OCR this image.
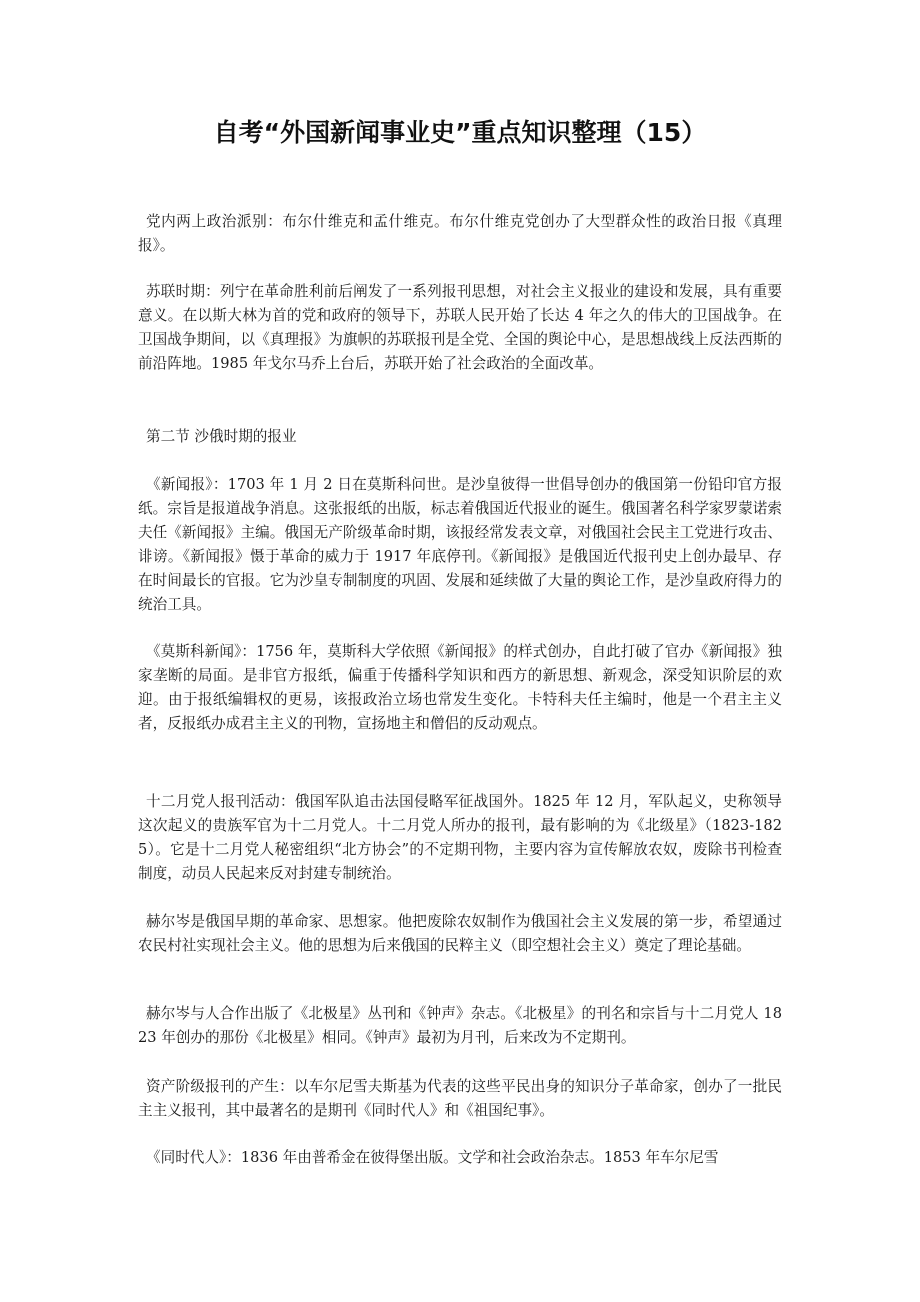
自考“外国新闻事业史”重点知识整理（15）

党内两上政治派别：布尔什维克和孟什维克。布尔什维克党创办了大型群众性的政治日报《真理报》。

苏联时期：列宁在革命胜利前后阐发了一系列报刊思想，对社会主义报业的建设和发展，具有重要意义。在以斯大林为首的党和政府的领导下，苏联人民开始了长达 4 年之久的伟大的卫国战争。在卫国战争期间，以《真理报》为旗帜的苏联报刊是全党、全国的舆论中心，是思想战线上反法西斯的前沿阵地。1985 年戈尔马乔上台后，苏联开始了社会政治的全面改革。

第二节 沙俄时期的报业

《新闻报》：1703 年 1 月 2 日在莫斯科问世。是沙皇彼得一世倡导创办的俄国第一份铅印官方报纸。宗旨是报道战争消息。这张报纸的出版，标志着俄国近代报业的诞生。俄国著名科学家罗蒙诺索夫任《新闻报》主编。俄国无产阶级革命时期，该报经常发表文章，对俄国社会民主工党进行攻击、诽谤。《新闻报》慑于革命的威力于 1917 年底停刊。《新闻报》是俄国近代报刊史上创办最早、存在时间最长的官报。它为沙皇专制制度的巩固、发展和延续做了大量的舆论工作，是沙皇政府得力的统治工具。

《莫斯科新闻》：1756 年，莫斯科大学依照《新闻报》的样式创办，自此打破了官办《新闻报》独家垄断的局面。是非官方报纸，偏重于传播科学知识和西方的新思想、新观念，深受知识阶层的欢迎。由于报纸编辑权的更易，该报政治立场也常发生变化。卡特科夫任主编时，他是一个君主主义者，反报纸办成君主主义的刊物，宣扬地主和僧侣的反动观点。

十二月党人报刊活动：俄国军队追击法国侵略军征战国外。1825 年 12 月，军队起义，史称领导这次起义的贵族军官为十二月党人。十二月党人所办的报刊，最有影响的为《北级星》（1823-1825）。它是十二月党人秘密组织“北方协会”的不定期刊物，主要内容为宣传解放农奴，废除书刊检查制度，动员人民起来反对封建专制统治。

赫尔岑是俄国早期的革命家、思想家。他把废除农奴制作为俄国社会主义发展的第一步，希望通过农民村社实现社会主义。他的思想为后来俄国的民粹主义（即空想社会主义）奠定了理论基础。

赫尔岑与人合作出版了《北极星》丛刊和《钟声》杂志。《北极星》的刊名和宗旨与十二月党人 1823 年创办的那份《北极星》相同。《钟声》最初为月刊，后来改为不定期刊。

资产阶级报刊的产生：以车尔尼雪夫斯基为代表的这些平民出身的知识分子革命家，创办了一批民主主义报刊，其中最著名的是期刊《同时代人》和《祖国纪事》。

《同时代人》：1836 年由普希金在彼得堡出版。文学和社会政治杂志。1853 年车尔尼雪
